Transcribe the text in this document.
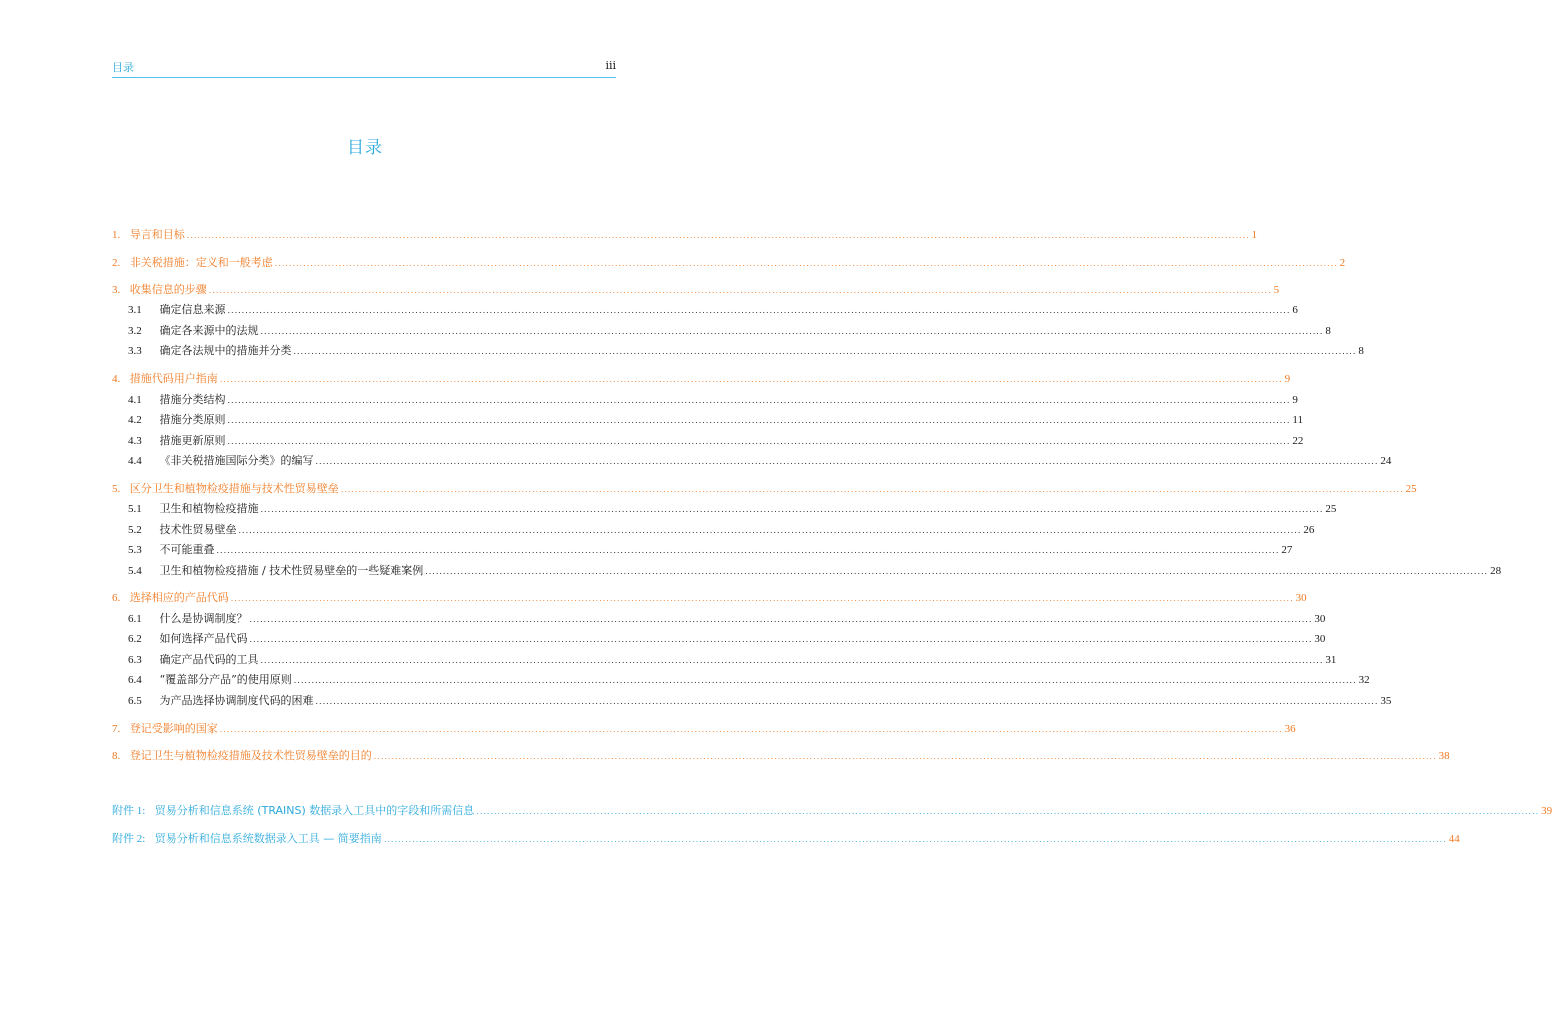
目录	iii
目录
1. 导言和目标 ............................................................................................................................................................................................................................................................................................................ 1
2. 非关税措施：定义和一般考虑 ............................................................................................................................................................................................................................................................................................................ 2
3. 收集信息的步骤 ............................................................................................................................................................................................................................................................................................................ 5
3.1 确定信息来源 ............................................................................................................................................................................................................................................................................................................ 6
3.2 确定各来源中的法规 ............................................................................................................................................................................................................................................................................................................ 8
3.3 确定各法规中的措施并分类 ............................................................................................................................................................................................................................................................................................................ 8
4. 措施代码用户指南 ............................................................................................................................................................................................................................................................................................................ 9
4.1 措施分类结构 ............................................................................................................................................................................................................................................................................................................ 9
4.2 措施分类原则 ............................................................................................................................................................................................................................................................................................................ 11
4.3 措施更新原则 ............................................................................................................................................................................................................................................................................................................ 22
4.4 《非关税措施国际分类》的编写 ............................................................................................................................................................................................................................................................................................................ 24
5. 区分卫生和植物检疫措施与技术性贸易壁垒 ............................................................................................................................................................................................................................................................................................................ 25
5.1 卫生和植物检疫措施 ............................................................................................................................................................................................................................................................................................................ 25
5.2 技术性贸易壁垒 ............................................................................................................................................................................................................................................................................................................ 26
5.3 不可能重叠 ............................................................................................................................................................................................................................................................................................................ 27
5.4 卫生和植物检疫措施 / 技术性贸易壁垒的一些疑难案例 ............................................................................................................................................................................................................................................................................................................ 28
6. 选择相应的产品代码 ............................................................................................................................................................................................................................................................................................................ 30
6.1 什么是协调制度？ ............................................................................................................................................................................................................................................................................................................ 30
6.2 如何选择产品代码 ............................................................................................................................................................................................................................................................................................................ 30
6.3 确定产品代码的工具 ............................................................................................................................................................................................................................................................................................................ 31
6.4 “覆盖部分产品”的使用原则 ............................................................................................................................................................................................................................................................................................................ 32
6.5 为产品选择协调制度代码的困难 ............................................................................................................................................................................................................................................................................................................ 35
7. 登记受影响的国家 ............................................................................................................................................................................................................................................................................................................ 36
8. 登记卫生与植物检疫措施及技术性贸易壁垒的目的 ............................................................................................................................................................................................................................................................................................................ 38
附件 1: 贸易分析和信息系统 (TRAINS) 数据录入工具中的字段和所需信息 ............................................................................................................................................................................................................................................................................................................ 39
附件 2: 贸易分析和信息系统数据录入工具 — 简要指南 ............................................................................................................................................................................................................................................................................................................ 44
